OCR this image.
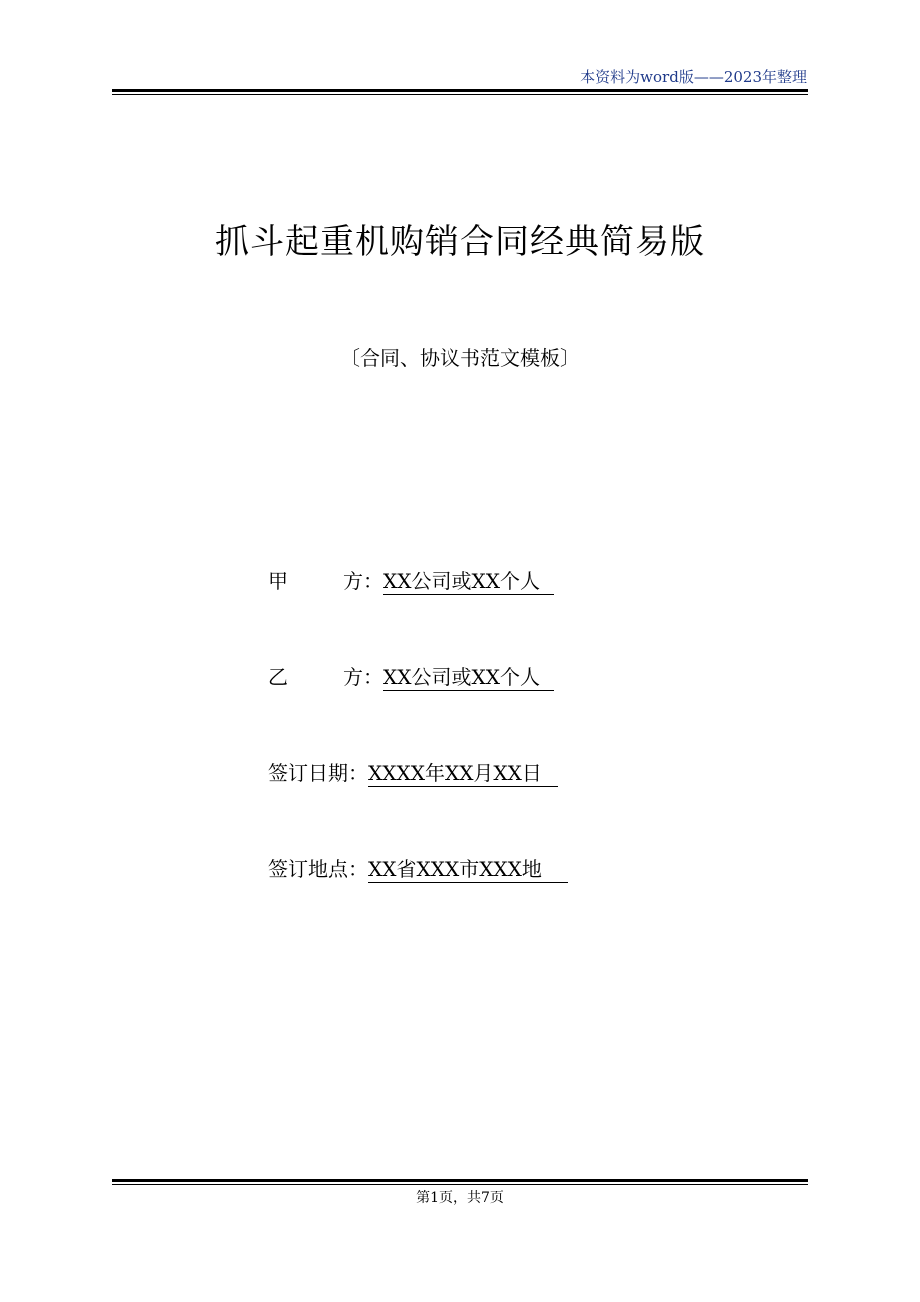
本资料为word版——2023年整理
抓斗起重机购销合同经典简易版
〔合同、协议书范文模板〕
甲	方：XX公司或XX个人
乙	方：XX公司或XX个人
签订日期：XXXX年XX月XX日
签订地点：XX省XXX市XXX地
第1页，共7页
